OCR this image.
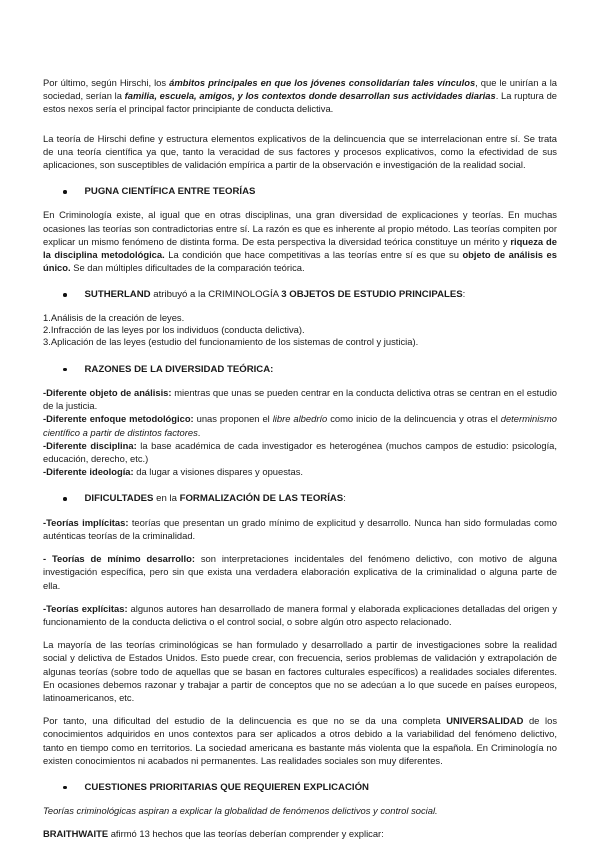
Por último, según Hirschi, los ámbitos principales en que los jóvenes consolidarían tales vínculos, que le unirían a la sociedad, serían la familia, escuela, amigos, y los contextos donde desarrollan sus actividades diarias. La ruptura de estos nexos sería el principal factor principiante de conducta delictiva.

La teoría de Hirschi define y estructura elementos explicativos de la delincuencia que se interrelacionan entre sí. Se trata de una teoría científica ya que, tanto la veracidad de sus factores y procesos explicativos, como la efectividad de sus aplicaciones, son susceptibles de validación empírica a partir de la observación e investigación de la realidad social.

PUGNA CIENTÍFICA ENTRE TEORÍAS

En Criminología existe, al igual que en otras disciplinas, una gran diversidad de explicaciones y teorías. En muchas ocasiones las teorías son contradictorias entre sí. La razón es que es inherente al propio método. Las teorías compiten por explicar un mismo fenómeno de distinta forma. De esta perspectiva la diversidad teórica constituye un mérito y riqueza de la disciplina metodológica. La condición que hace competitivas a las teorías entre sí es que su objeto de análisis es único. Se dan múltiples dificultades de la comparación teórica.

SUTHERLAND atribuyó a la CRIMINOLOGÍA 3 OBJETOS DE ESTUDIO PRINCIPALES:
1.Análisis de la creación de leyes.
2.Infracción de las leyes por los individuos (conducta delictiva).
3.Aplicación de las leyes (estudio del funcionamiento de los sistemas de control y justicia).
RAZONES DE LA DIVERSIDAD TEÓRICA:

-Diferente objeto de análisis: mientras que unas se pueden centrar en la conducta delictiva otras se centran en el estudio de la justicia.

-Diferente enfoque metodológico: unas proponen el libre albedrío como inicio de la delincuencia y otras el determinismo científico a partir de distintos factores.

-Diferente disciplina: la base académica de cada investigador es heterogénea (muchos campos de estudio: psicología, educación, derecho, etc.)

-Diferente ideología: da lugar a visiones dispares y opuestas.

DIFICULTADES en la FORMALIZACIÓN DE LAS TEORÍAS:

-Teorías implícitas: teorías que presentan un grado mínimo de explicitud y desarrollo. Nunca han sido formuladas como auténticas teorías de la criminalidad.

- Teorías de mínimo desarrollo: son interpretaciones incidentales del fenómeno delictivo, con motivo de alguna investigación específica, pero sin que exista una verdadera elaboración explicativa de la criminalidad o alguna parte de ella.

-Teorías explícitas: algunos autores han desarrollado de manera formal y elaborada explicaciones detalladas del origen y funcionamiento de la conducta delictiva o el control social, o sobre algún otro aspecto relacionado.

La mayoría de las teorías criminológicas se han formulado y desarrollado a partir de investigaciones sobre la realidad social y delictiva de Estados Unidos. Esto puede crear, con frecuencia, serios problemas de validación y extrapolación de algunas teorías (sobre todo de aquellas que se basan en factores culturales específicos) a realidades sociales diferentes. En ocasiones debemos razonar y trabajar a partir de conceptos que no se adecúan a lo que sucede en países europeos, latinoamericanos, etc.

Por tanto, una dificultad del estudio de la delincuencia es que no se da una completa UNIVERSALIDAD de los conocimientos adquiridos en unos contextos para ser aplicados a otros debido a la variabilidad del fenómeno delictivo, tanto en tiempo como en territorios. La sociedad americana es bastante más violenta que la española. En Criminología no existen conocimientos ni acabados ni permanentes. Las realidades sociales son muy diferentes.

CUESTIONES PRIORITARIAS QUE REQUIEREN EXPLICACIÓN

Teorías criminológicas aspiran a explicar la globalidad de fenómenos delictivos y control social.

BRAITHWAITE afirmó 13 hechos que las teorías deberían comprender y explicar:
